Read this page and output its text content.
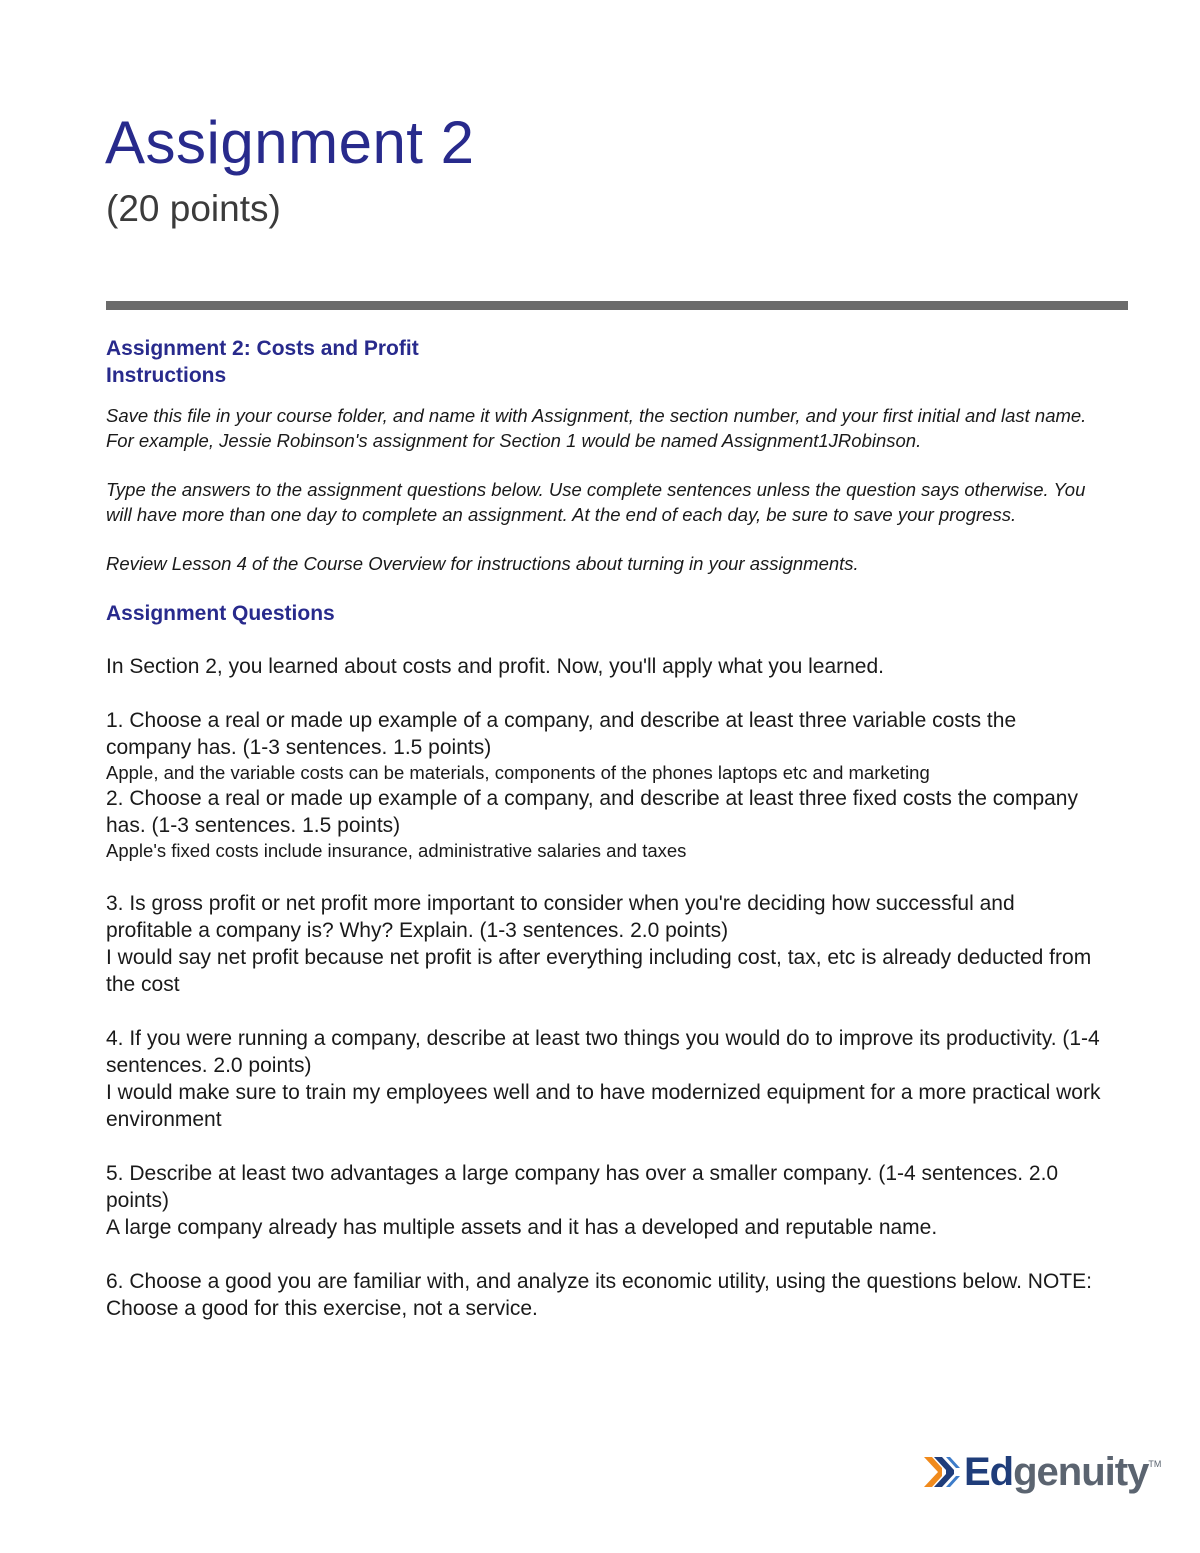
Assignment 2
(20 points)

Assignment 2: Costs and Profit

Instructions

Save this file in your course folder, and name it with Assignment, the section number, and your first initial and last name. For example, Jessie Robinson's assignment for Section 1 would be named Assignment1JRobinson.

Type the answers to the assignment questions below. Use complete sentences unless the question says otherwise. You will have more than one day to complete an assignment. At the end of each day, be sure to save your progress.

Review Lesson 4 of the Course Overview for instructions about turning in your assignments.

Assignment Questions

In Section 2, you learned about costs and profit. Now, you'll apply what you learned.

1. Choose a real or made up example of a company, and describe at least three variable costs the company has. (1-3 sentences. 1.5 points)

Apple, and the variable costs can be materials, components of the phones laptops etc and marketing

2. Choose a real or made up example of a company, and describe at least three fixed costs the company has. (1-3 sentences. 1.5 points)

Apple's fixed costs include insurance, administrative salaries and taxes

3. Is gross profit or net profit more important to consider when you're deciding how successful and profitable a company is? Why? Explain. (1-3 sentences. 2.0 points)

I would say net profit because net profit is after everything including cost, tax, etc is already deducted from the cost

4. If you were running a company, describe at least two things you would do to improve its productivity. (1-4 sentences. 2.0 points)

I would make sure to train my employees well and to have modernized equipment for a more practical work environment

5. Describe at least two advantages a large company has over a smaller company. (1-4 sentences. 2.0 points)

A large company already has multiple assets and it has a developed and reputable name.

6. Choose a good you are familiar with, and analyze its economic utility, using the questions below. NOTE: Choose a good for this exercise, not a service.

Edgenuity TM
